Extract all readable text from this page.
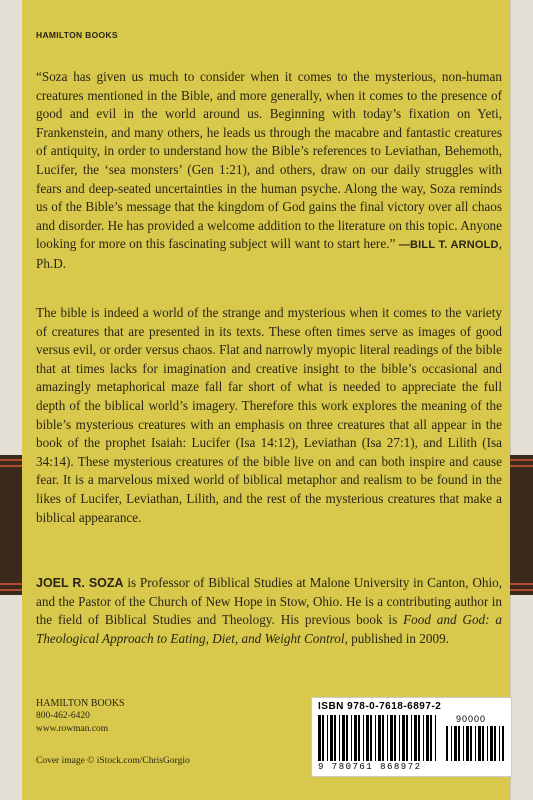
HAMILTON BOOKS
“Soza has given us much to consider when it comes to the mysterious, non-human creatures mentioned in the Bible, and more generally, when it comes to the presence of good and evil in the world around us. Beginning with today’s fixation on Yeti, Frankenstein, and many others, he leads us through the macabre and fantastic creatures of antiquity, in order to understand how the Bible’s references to Leviathan, Behemoth, Lucifer, the ‘sea monsters’ (Gen 1:21), and others, draw on our daily struggles with fears and deep-seated uncertainties in the human psyche. Along the way, Soza reminds us of the Bible’s message that the kingdom of God gains the final victory over all chaos and disorder. He has provided a welcome addition to the literature on this topic. Anyone looking for more on this fascinating subject will want to start here.” —BILL T. ARNOLD, Ph.D.
The bible is indeed a world of the strange and mysterious when it comes to the variety of creatures that are presented in its texts. These often times serve as images of good versus evil, or order versus chaos. Flat and narrowly myopic literal readings of the bible that at times lacks for imagination and creative insight to the bible’s occasional and amazingly metaphorical maze fall far short of what is needed to appreciate the full depth of the biblical world’s imagery. Therefore this work explores the meaning of the bible’s mysterious creatures with an emphasis on three creatures that all appear in the book of the prophet Isaiah: Lucifer (Isa 14:12), Leviathan (Isa 27:1), and Lilith (Isa 34:14). These mysterious creatures of the bible live on and can both inspire and cause fear. It is a marvelous mixed world of biblical metaphor and realism to be found in the likes of Lucifer, Leviathan, Lilith, and the rest of the mysterious creatures that make a biblical appearance.
JOEL R. SOZA is Professor of Biblical Studies at Malone University in Canton, Ohio, and the Pastor of the Church of New Hope in Stow, Ohio. He is a contributing author in the field of Biblical Studies and Theology. His previous book is Food and God: a Theological Approach to Eating, Diet, and Weight Control, published in 2009.
HAMILTON BOOKS
800-462-6420
www.rowman.com
Cover image © iStock.com/ChrisGorgio
ISBN 978-0-7618-6897-2
90000
9 780761 868972
